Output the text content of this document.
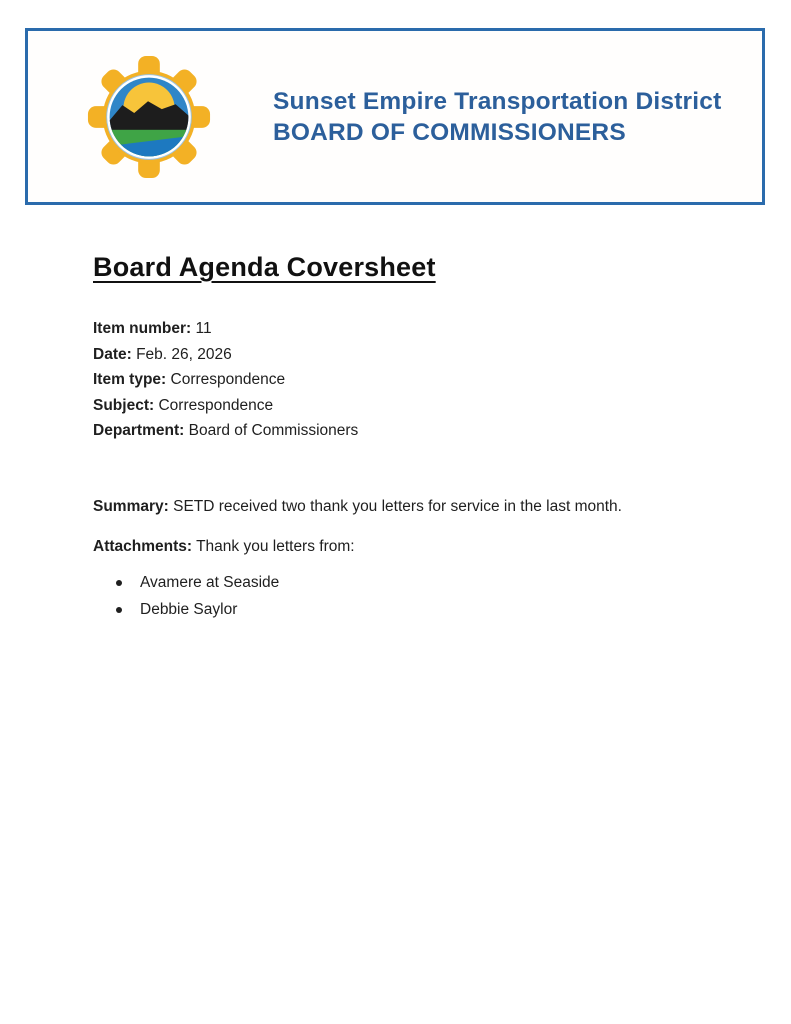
Sunset Empire Transportation District
BOARD OF COMMISSIONERS
Board Agenda Coversheet
Item number: 11
Date: Feb. 26, 2026
Item type: Correspondence
Subject: Correspondence
Department: Board of Commissioners

Summary: SETD received two thank you letters for service in the last month.

Attachments: Thank you letters from:

Avamere at Seaside
Debbie Saylor
